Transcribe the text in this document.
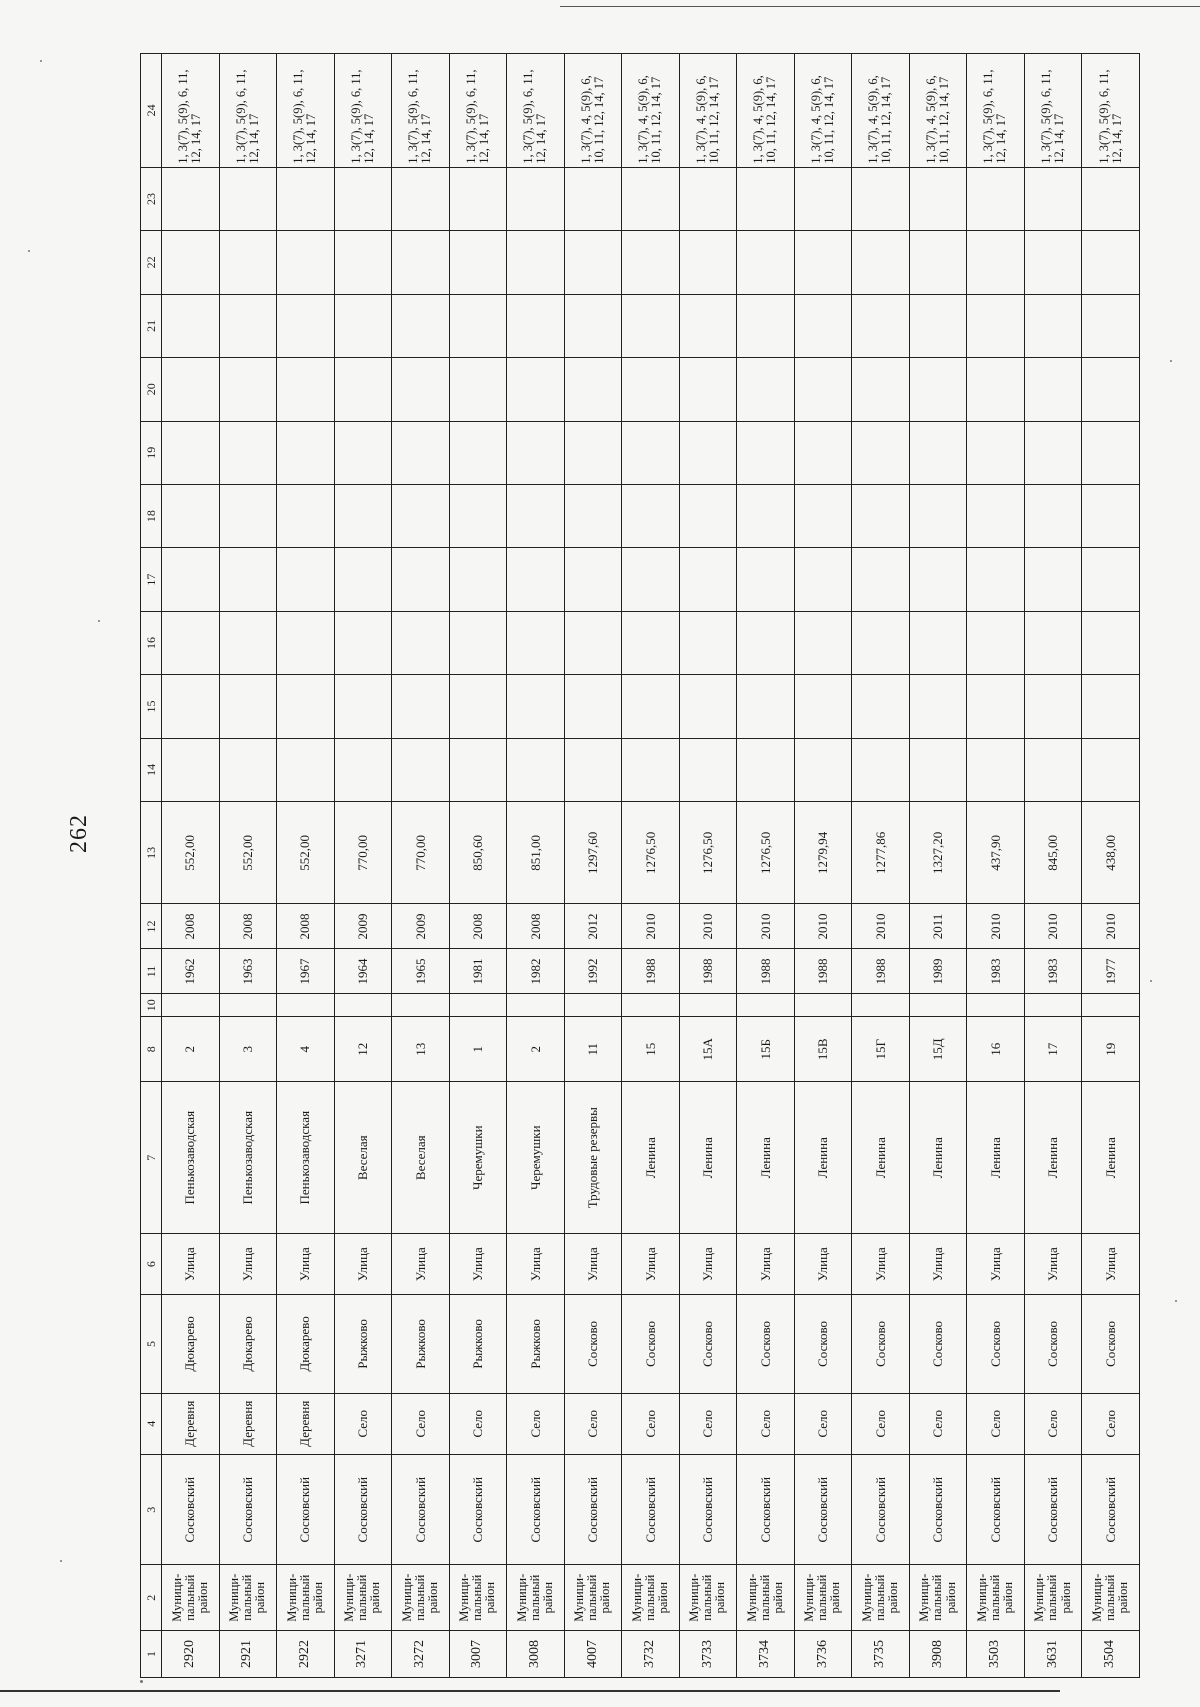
262
1	2	3	4	5	6	7	8	10	11	12	13	14	15	16	17	18	19	20	21	22	23	24
2920	Муници-пальный район	Сосковский	Деревня	Дюкарево	Улица	Пенькозаводская	2		1962	2008	552,00											1, 3(7), 5(9), 6, 11, 12, 14, 17
2921	Муници-пальный район	Сосковский	Деревня	Дюкарево	Улица	Пенькозаводская	3		1963	2008	552,00											1, 3(7), 5(9), 6, 11, 12, 14, 17
2922	Муници-пальный район	Сосковский	Деревня	Дюкарево	Улица	Пенькозаводская	4		1967	2008	552,00											1, 3(7), 5(9), 6, 11, 12, 14, 17
3271	Муници-пальный район	Сосковский	Село	Рыжково	Улица	Веселая	12		1964	2009	770,00											1, 3(7), 5(9), 6, 11, 12, 14, 17
3272	Муници-пальный район	Сосковский	Село	Рыжково	Улица	Веселая	13		1965	2009	770,00											1, 3(7), 5(9), 6, 11, 12, 14, 17
3007	Муници-пальный район	Сосковский	Село	Рыжково	Улица	Черемушки	1		1981	2008	850,60											1, 3(7), 5(9), 6, 11, 12, 14, 17
3008	Муници-пальный район	Сосковский	Село	Рыжково	Улица	Черемушки	2		1982	2008	851,00											1, 3(7), 5(9), 6, 11, 12, 14, 17
4007	Муници-пальный район	Сосковский	Село	Сосково	Улица	Трудовые резервы	11		1992	2012	1297,60											1, 3(7), 4, 5(9), 6, 10, 11, 12, 14, 17
3732	Муници-пальный район	Сосковский	Село	Сосково	Улица	Ленина	15		1988	2010	1276,50											1, 3(7), 4, 5(9), 6, 10, 11, 12, 14, 17
3733	Муници-пальный район	Сосковский	Село	Сосково	Улица	Ленина	15А		1988	2010	1276,50											1, 3(7), 4, 5(9), 6, 10, 11, 12, 14, 17
3734	Муници-пальный район	Сосковский	Село	Сосково	Улица	Ленина	15Б		1988	2010	1276,50											1, 3(7), 4, 5(9), 6, 10, 11, 12, 14, 17
3736	Муници-пальный район	Сосковский	Село	Сосково	Улица	Ленина	15В		1988	2010	1279,94											1, 3(7), 4, 5(9), 6, 10, 11, 12, 14, 17
3735	Муници-пальный район	Сосковский	Село	Сосково	Улица	Ленина	15Г		1988	2010	1277,86											1, 3(7), 4, 5(9), 6, 10, 11, 12, 14, 17
3908	Муници-пальный район	Сосковский	Село	Сосково	Улица	Ленина	15Д		1989	2011	1327,20											1, 3(7), 4, 5(9), 6, 10, 11, 12, 14, 17
3503	Муници-пальный район	Сосковский	Село	Сосково	Улица	Ленина	16		1983	2010	437,90											1, 3(7), 5(9), 6, 11, 12, 14, 17
3631	Муници-пальный район	Сосковский	Село	Сосково	Улица	Ленина	17		1983	2010	845,00											1, 3(7), 5(9), 6, 11, 12, 14, 17
3504	Муници-пальный район	Сосковский	Село	Сосково	Улица	Ленина	19		1977	2010	438,00											1, 3(7), 5(9), 6, 11, 12, 14, 17
